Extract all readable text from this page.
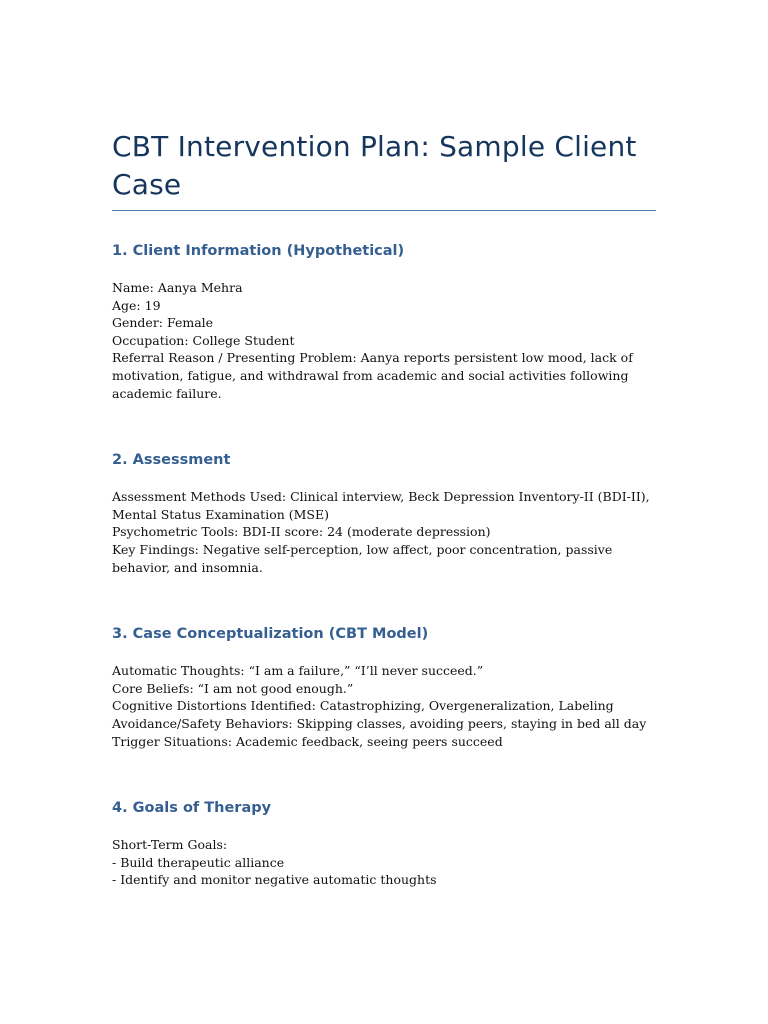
CBT Intervention Plan: Sample Client Case
1. Client Information (Hypothetical)
Name: Aanya Mehra
Age: 19
Gender: Female
Occupation: College Student
Referral Reason / Presenting Problem: Aanya reports persistent low mood, lack of motivation, fatigue, and withdrawal from academic and social activities following academic failure.
2. Assessment
Assessment Methods Used: Clinical interview, Beck Depression Inventory-II (BDI-II), Mental Status Examination (MSE)
Psychometric Tools: BDI-II score: 24 (moderate depression)
Key Findings: Negative self-perception, low affect, poor concentration, passive behavior, and insomnia.
3. Case Conceptualization (CBT Model)
Automatic Thoughts: “I am a failure,” “I’ll never succeed.”
Core Beliefs: “I am not good enough.”
Cognitive Distortions Identified: Catastrophizing, Overgeneralization, Labeling
Avoidance/Safety Behaviors: Skipping classes, avoiding peers, staying in bed all day
Trigger Situations: Academic feedback, seeing peers succeed
4. Goals of Therapy
Short-Term Goals:
- Build therapeutic alliance
- Identify and monitor negative automatic thoughts
